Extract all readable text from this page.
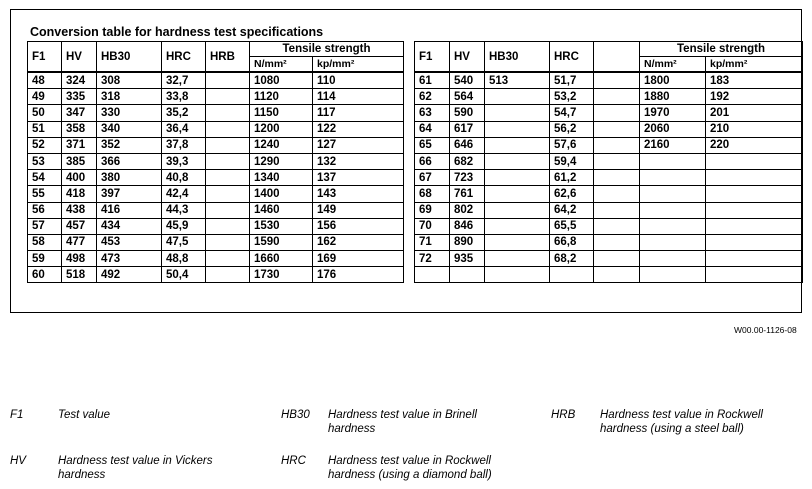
Conversion table for hardness test specifications
F1	HV	HB30	HRC	HRB	Tensile strength	
					N/mm²	kp/mm²
48	324	308	32,7		1080	110
49	335	318	33,8		1120	114
50	347	330	35,2		1150	117
51	358	340	36,4		1200	122
52	371	352	37,8		1240	127
53	385	366	39,3		1290	132
54	400	380	40,8		1340	137
55	418	397	42,4		1400	143
56	438	416	44,3		1460	149
57	457	434	45,9		1530	156
58	477	453	47,5		1590	162
59	498	473	48,8		1660	169
60	518	492	50,4		1730	176
F1	HV	HB30	HRC		Tensile strength	
					N/mm²	kp/mm²
61	540	513	51,7		1800	183
62	564		53,2		1880	192
63	590		54,7		1970	201
64	617		56,2		2060	210
65	646		57,6		2160	220
66	682		59,4			
67	723		61,2			
68	761		62,6			
69	802		64,2			
70	846		65,5			
71	890		66,8			
72	935		68,2			

W00.00-1126-08
F1	Test value	HB30 Hardness test value in Brinell hardness
HRB Hardness test value in Rockwell hardness (using a steel ball)
HV	Hardness test value in Vickers hardness
HRC Hardness test value in Rockwell hardness (using a diamond ball)
